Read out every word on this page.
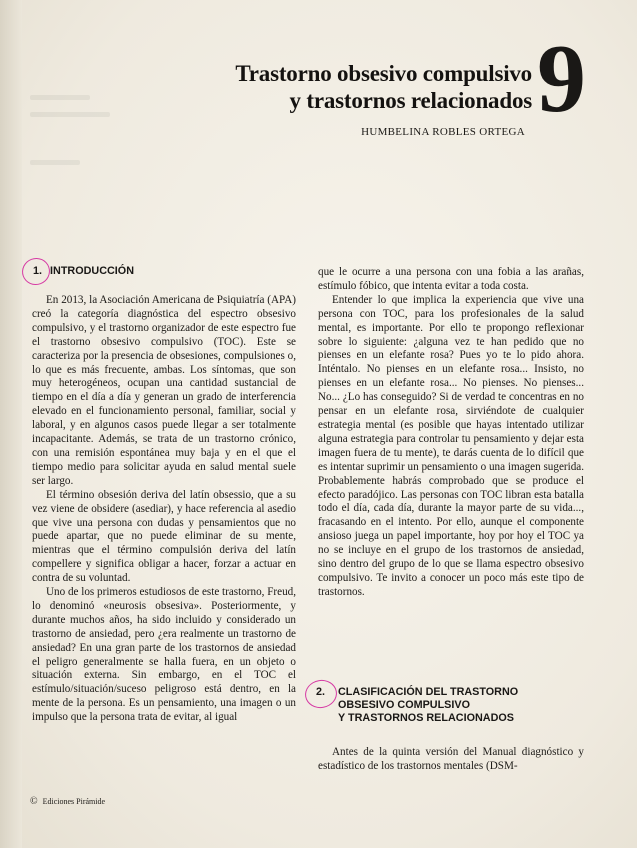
Trastorno obsesivo compulsivo
y trastornos relacionados 9
HUMBELINA ROBLES ORTEGA
1. INTRODUCCIÓN

En 2013, la Asociación Americana de Psiquiatría (APA) creó la categoría diagnóstica del espectro obsesivo compulsivo, y el trastorno organizador de este espectro fue el trastorno obsesivo compulsivo (TOC). Este se caracteriza por la presencia de obsesiones, compulsiones o, lo que es más frecuente, ambas. Los síntomas, que son muy heterogéneos, ocupan una cantidad sustancial de tiempo en el día a día y generan un grado de interferencia elevado en el funcionamiento personal, familiar, social y laboral, y en algunos casos puede llegar a ser totalmente incapacitante. Además, se trata de un trastorno crónico, con una remisión espontánea muy baja y en el que el tiempo medio para solicitar ayuda en salud mental suele ser largo.

El término obsesión deriva del latín obsessio, que a su vez viene de obsidere (asediar), y hace referencia al asedio que vive una persona con dudas y pensamientos que no puede apartar, que no puede eliminar de su mente, mientras que el término compulsión deriva del latín compellere y significa obligar a hacer, forzar a actuar en contra de su voluntad.

Uno de los primeros estudiosos de este trastorno, Freud, lo denominó «neurosis obsesiva». Posteriormente, y durante muchos años, ha sido incluido y considerado un trastorno de ansiedad, pero ¿era realmente un trastorno de ansiedad? En una gran parte de los trastornos de ansiedad el peligro generalmente se halla fuera, en un objeto o situación externa. Sin embargo, en el TOC el estímulo/situación/suceso peligroso está dentro, en la mente de la persona. Es un pensamiento, una imagen o un impulso que la persona trata de evitar, al igual

que le ocurre a una persona con una fobia a las arañas, estímulo fóbico, que intenta evitar a toda costa.

Entender lo que implica la experiencia que vive una persona con TOC, para los profesionales de la salud mental, es importante. Por ello te propongo reflexionar sobre lo siguiente: ¿alguna vez te han pedido que no pienses en un elefante rosa? Pues yo te lo pido ahora. Inténtalo. No pienses en un elefante rosa... Insisto, no pienses en un elefante rosa... No pienses. No pienses... No... ¿Lo has conseguido? Si de verdad te concentras en no pensar en un elefante rosa, sirviéndote de cualquier estrategia mental (es posible que hayas intentado utilizar alguna estrategia para controlar tu pensamiento y dejar esta imagen fuera de tu mente), te darás cuenta de lo difícil que es intentar suprimir un pensamiento o una imagen sugerida. Probablemente habrás comprobado que se produce el efecto paradójico. Las personas con TOC libran esta batalla todo el día, cada día, durante la mayor parte de su vida..., fracasando en el intento. Por ello, aunque el componente ansioso juega un papel importante, hoy por hoy el TOC ya no se incluye en el grupo de los trastornos de ansiedad, sino dentro del grupo de lo que se llama espectro obsesivo compulsivo. Te invito a conocer un poco más este tipo de trastornos.

2. CLASIFICACIÓN DEL TRASTORNO
OBSESIVO COMPULSIVO
Y TRASTORNOS RELACIONADOS

Antes de la quinta versión del Manual diagnóstico y estadístico de los trastornos mentales (DSM-

© Ediciones Pirámide
